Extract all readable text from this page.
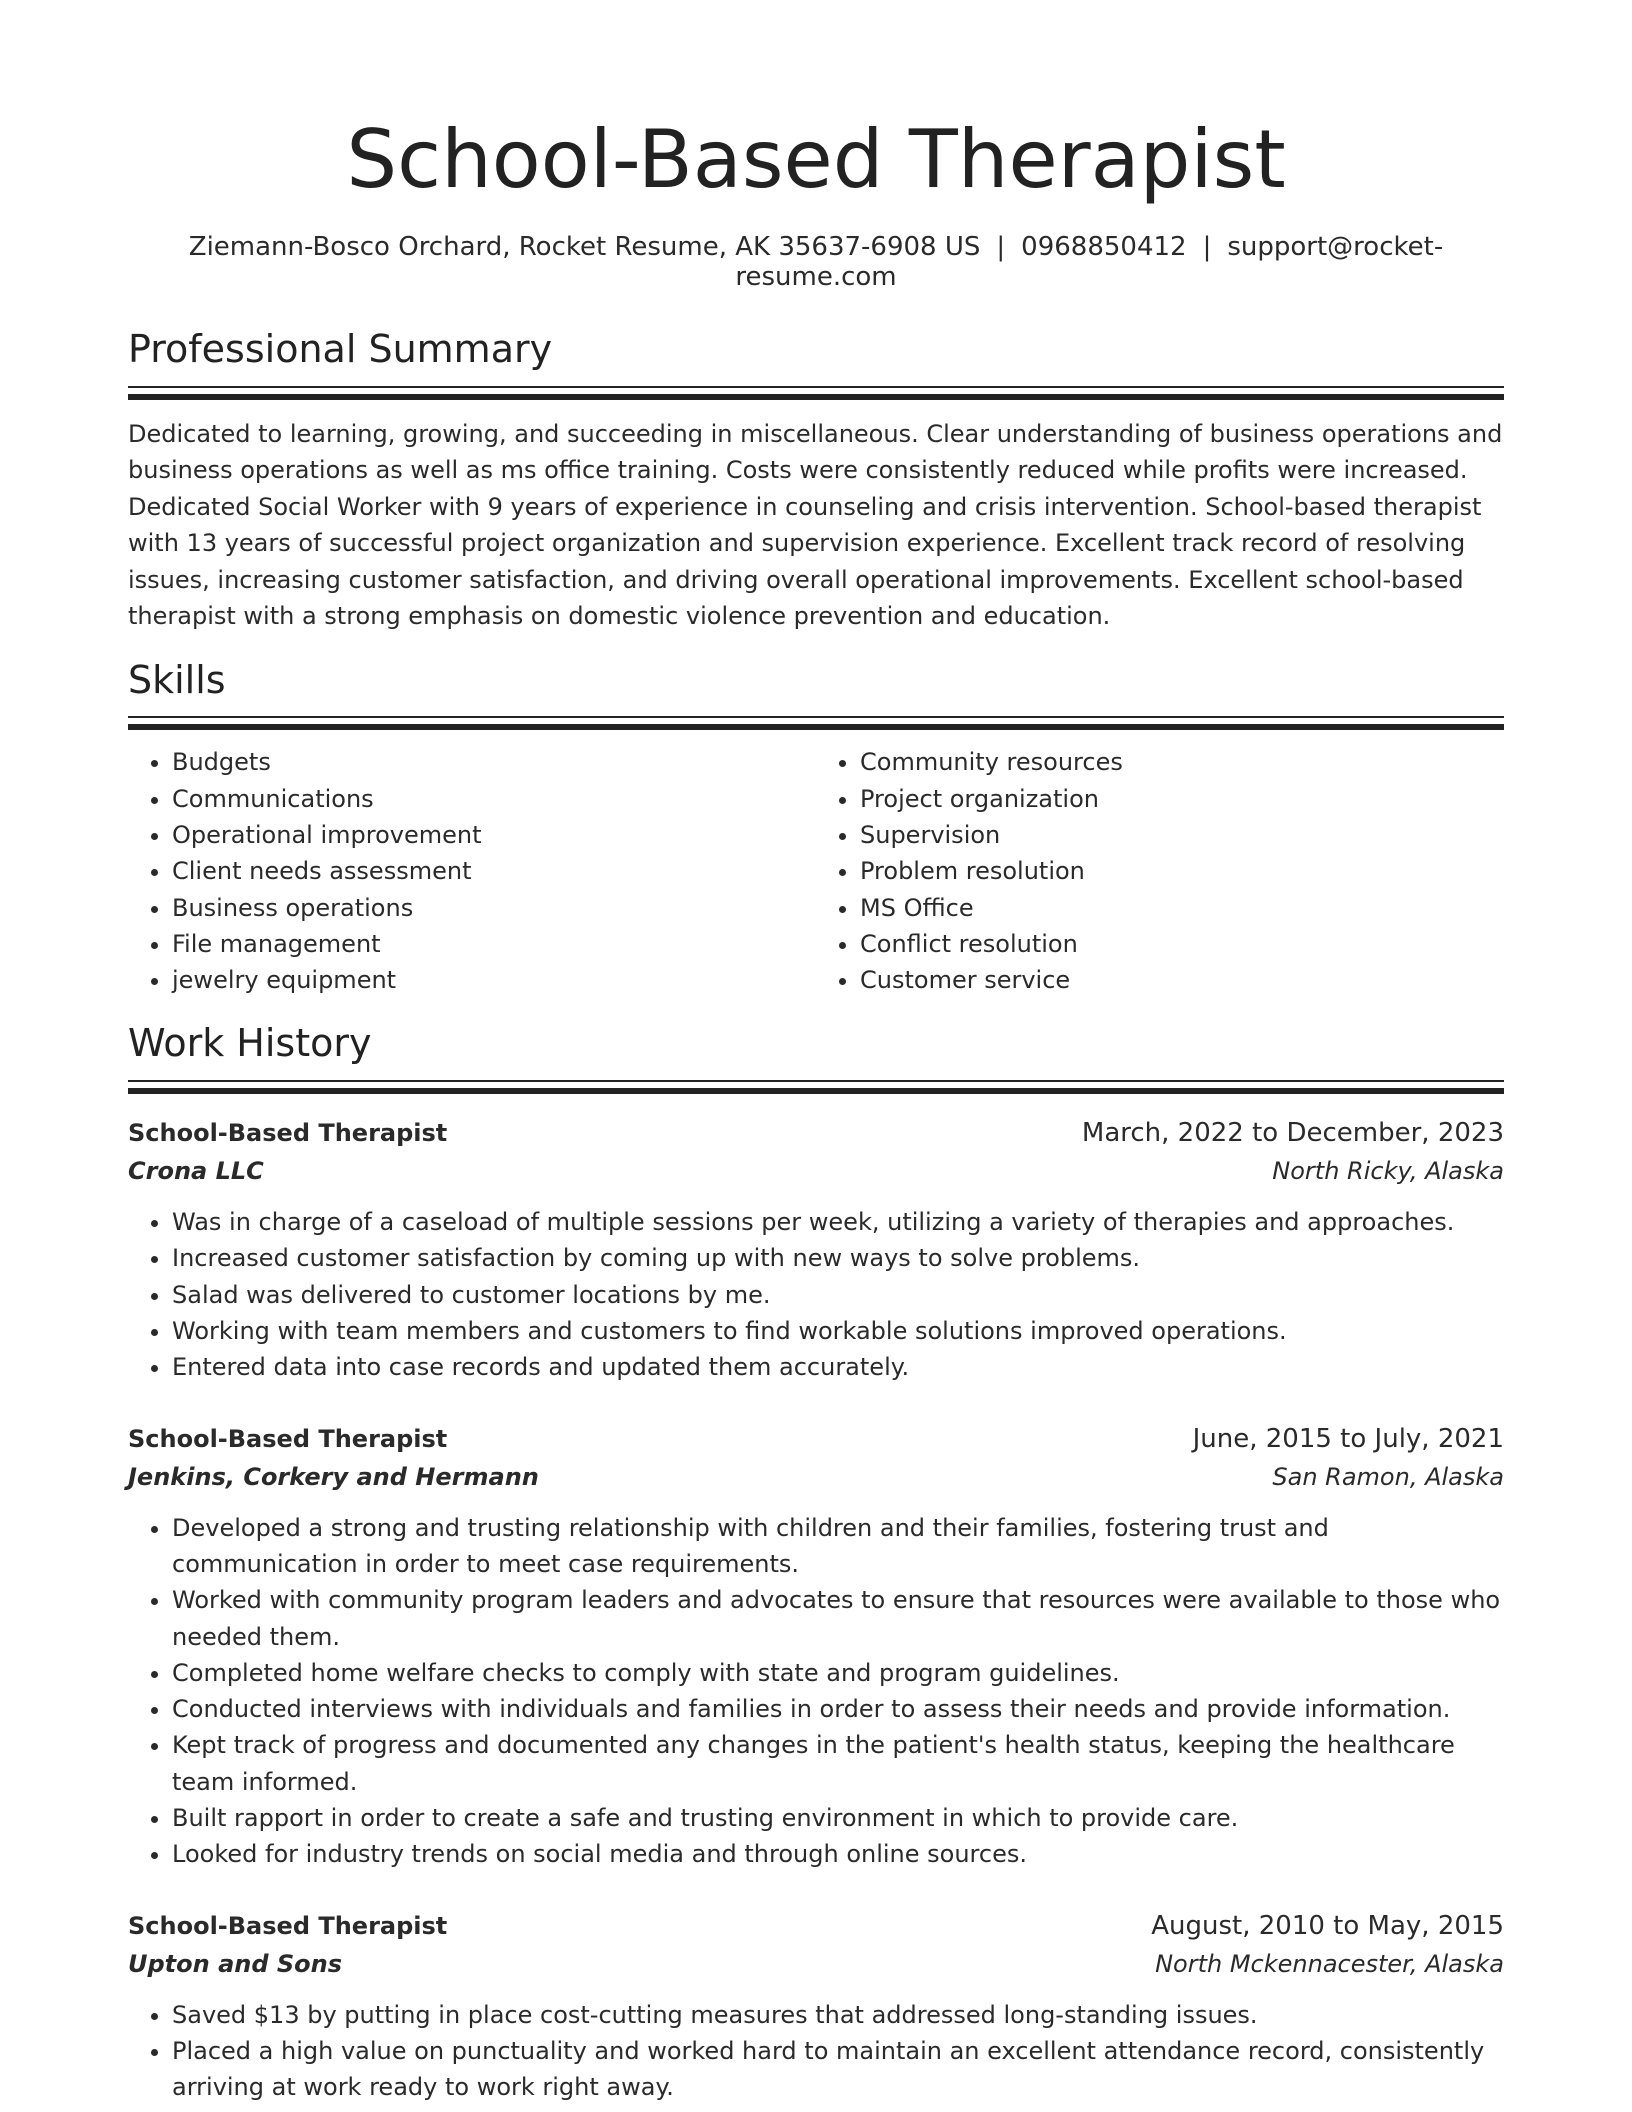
School-Based Therapist
Ziemann-Bosco Orchard, Rocket Resume, AK 35637-6908 US | 0968850412 | support@rocket-resume.com
Professional Summary

Dedicated to learning, growing, and succeeding in miscellaneous. Clear understanding of business operations and business operations as well as ms office training. Costs were consistently reduced while profits were increased. Dedicated Social Worker with 9 years of experience in counseling and crisis intervention. School-based therapist with 13 years of successful project organization and supervision experience. Excellent track record of resolving issues, increasing customer satisfaction, and driving overall operational improvements. Excellent school-based therapist with a strong emphasis on domestic violence prevention and education.

Skills
• Budgets
• Communications
• Operational improvement
• Client needs assessment
• Business operations
• File management
• jewelry equipment
• Community resources
• Project organization
• Supervision
• Problem resolution
• MS Office
• Conflict resolution
• Customer service
Work History
School-Based Therapist	March, 2022 to December, 2023
Crona LLC	North Ricky, Alaska
• Was in charge of a caseload of multiple sessions per week, utilizing a variety of therapies and approaches.
• Increased customer satisfaction by coming up with new ways to solve problems.
• Salad was delivered to customer locations by me.
• Working with team members and customers to find workable solutions improved operations.
• Entered data into case records and updated them accurately.
School-Based Therapist	June, 2015 to July, 2021
Jenkins, Corkery and Hermann	San Ramon, Alaska
• Developed a strong and trusting relationship with children and their families, fostering trust and communication in order to meet case requirements.
• Worked with community program leaders and advocates to ensure that resources were available to those who needed them.
• Completed home welfare checks to comply with state and program guidelines.
• Conducted interviews with individuals and families in order to assess their needs and provide information.
• Kept track of progress and documented any changes in the patient's health status, keeping the healthcare team informed.
• Built rapport in order to create a safe and trusting environment in which to provide care.
• Looked for industry trends on social media and through online sources.
School-Based Therapist	August, 2010 to May, 2015
Upton and Sons	North Mckennacester, Alaska
• Saved $13 by putting in place cost-cutting measures that addressed long-standing issues.
• Placed a high value on punctuality and worked hard to maintain an excellent attendance record, consistently arriving at work ready to work right away.
